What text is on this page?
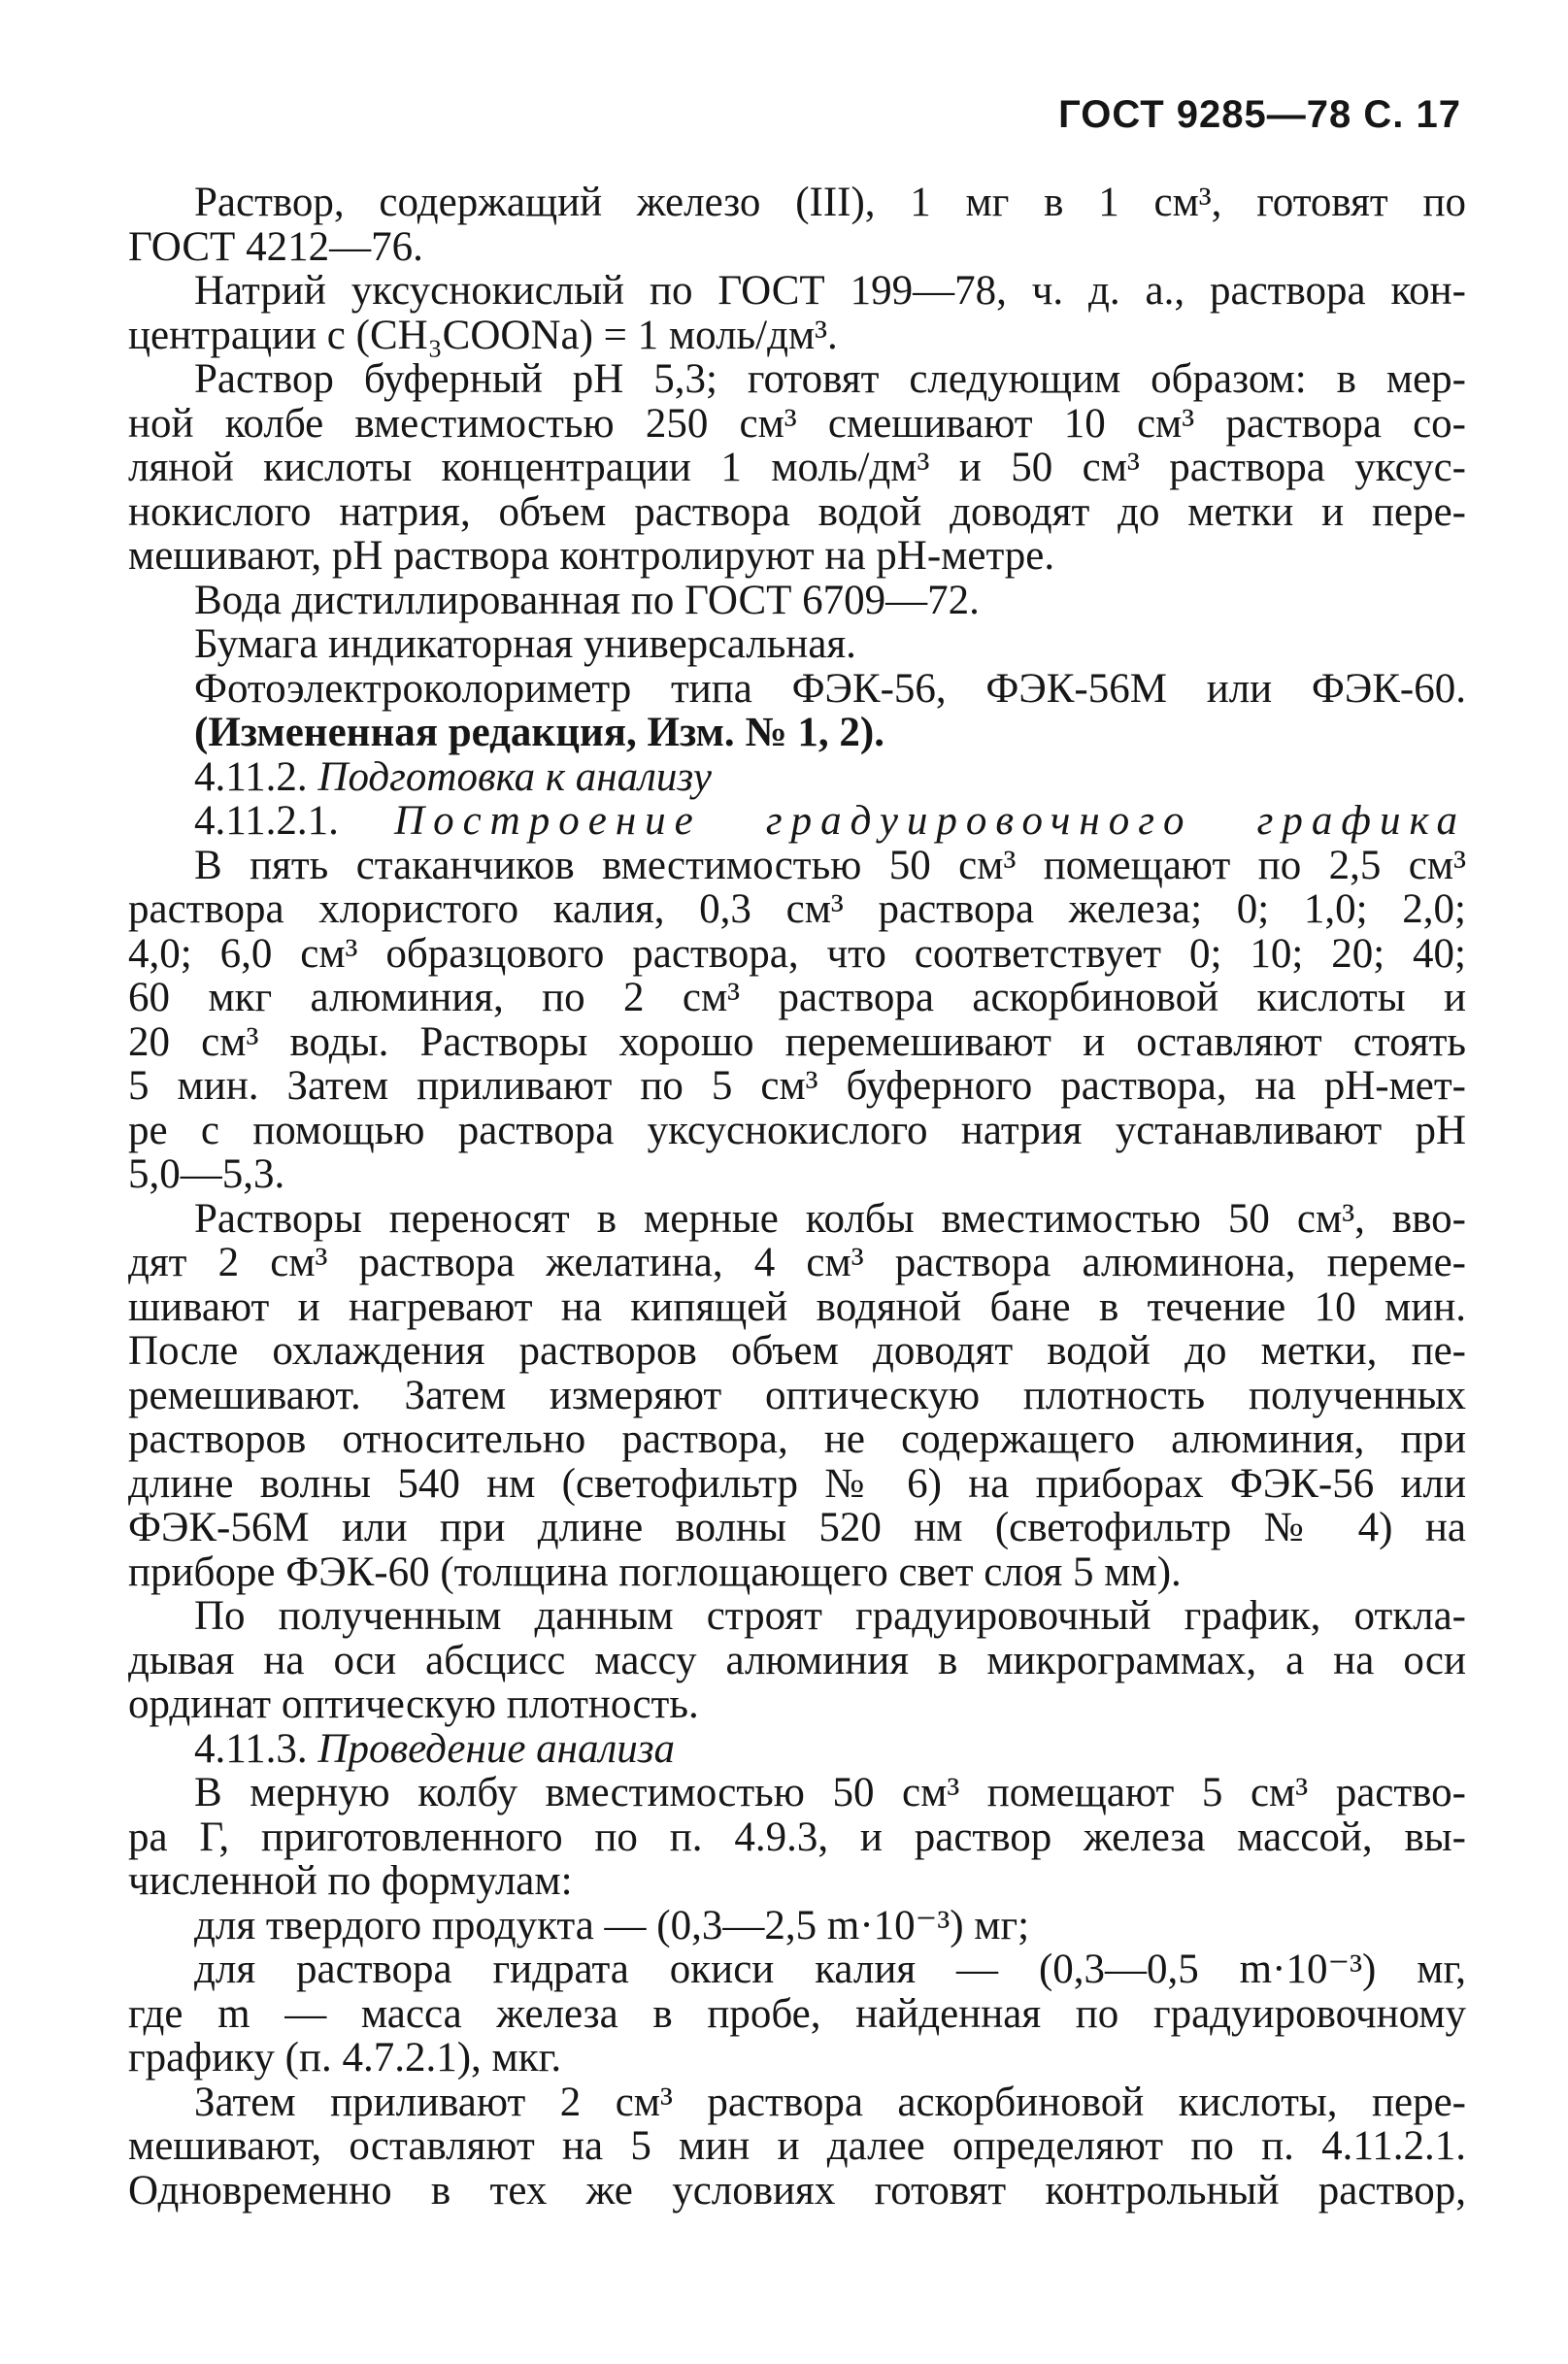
ГОСТ 9285—78 С. 17
Раствор, содержащий железо (III), 1 мг в 1 см³, готовят по
ГОСТ 4212—76.
Натрий уксуснокислый по ГОСТ 199—78, ч. д. а., раствора кон-
центрации c (CH₃COONa) = 1 моль/дм³.
Раствор буферный рН 5,3; готовят следующим образом: в мер-
ной колбе вместимостью 250 см³ смешивают 10 см³ раствора со-
ляной кислоты концентрации 1 моль/дм³ и 50 см³ раствора уксус-
нокислого натрия, объем раствора водой доводят до метки и пере-
мешивают, рН раствора контролируют на рН-метре.
Вода дистиллированная по ГОСТ 6709—72.
Бумага индикаторная универсальная.
Фотоэлектроколориметр типа ФЭК-56, ФЭК-56М или ФЭК-60.
(Измененная редакция, Изм. № 1, 2).
4.11.2. Подготовка к анализу
4.11.2.1. Построение градуировочного графика
В пять стаканчиков вместимостью 50 см³ помещают по 2,5 см³
раствора хлористого калия, 0,3 см³ раствора железа; 0; 1,0; 2,0;
4,0; 6,0 см³ образцового раствора, что соответствует 0; 10; 20; 40;
60 мкг алюминия, по 2 см³ раствора аскорбиновой кислоты и
20 см³ воды. Растворы хорошо перемешивают и оставляют стоять
5 мин. Затем приливают по 5 см³ буферного раствора, на рН-мет-
ре с помощью раствора уксуснокислого натрия устанавливают рН
5,0—5,3.
Растворы переносят в мерные колбы вместимостью 50 см³, вво-
дят 2 см³ раствора желатина, 4 см³ раствора алюминона, переме-
шивают и нагревают на кипящей водяной бане в течение 10 мин.
После охлаждения растворов объем доводят водой до метки, пе-
ремешивают. Затем измеряют оптическую плотность полученных
растворов относительно раствора, не содержащего алюминия, при
длине волны 540 нм (светофильтр № 6) на приборах ФЭК-56 или
ФЭК-56М или при длине волны 520 нм (светофильтр № 4) на
приборе ФЭК-60 (толщина поглощающего свет слоя 5 мм).
По полученным данным строят градуировочный график, откла-
дывая на оси абсцисс массу алюминия в микрограммах, а на оси
ординат оптическую плотность.
4.11.3. Проведение анализа
В мерную колбу вместимостью 50 см³ помещают 5 см³ раство-
ра Г, приготовленного по п. 4.9.3, и раствор железа массой, вы-
численной по формулам:
для твердого продукта — (0,3—2,5 m·10⁻³) мг;
для раствора гидрата окиси калия — (0,3—0,5 m·10⁻³) мг,
где m — масса железа в пробе, найденная по градуировочному
графику (п. 4.7.2.1), мкг.
Затем приливают 2 см³ раствора аскорбиновой кислоты, пере-
мешивают, оставляют на 5 мин и далее определяют по п. 4.11.2.1.
Одновременно в тех же условиях готовят контрольный раствор,
